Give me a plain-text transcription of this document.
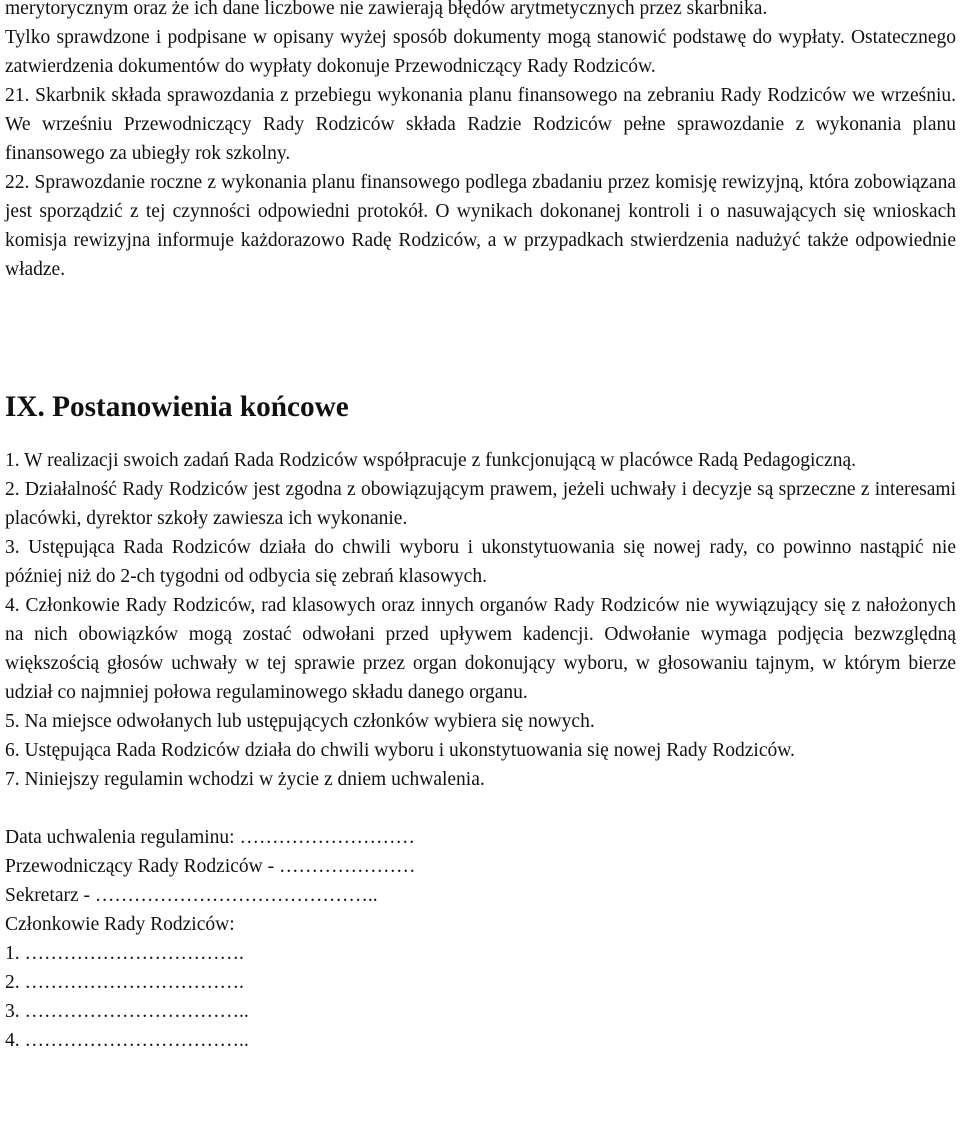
merytorycznym oraz że ich dane liczbowe nie zawierają błędów arytmetycznych przez skarbnika.

Tylko sprawdzone i podpisane w opisany wyżej sposób dokumenty mogą stanowić podstawę do wypłaty. Ostatecznego zatwierdzenia dokumentów do wypłaty dokonuje Przewodniczący Rady Rodziców.

21. Skarbnik składa sprawozdania z przebiegu wykonania planu finansowego na zebraniu Rady Rodziców we wrześniu. We wrześniu Przewodniczący Rady Rodziców składa Radzie Rodziców pełne sprawozdanie z wykonania planu finansowego za ubiegły rok szkolny.

22. Sprawozdanie roczne z wykonania planu finansowego podlega zbadaniu przez komisję rewizyjną, która zobowiązana jest sporządzić z tej czynności odpowiedni protokół. O wynikach dokonanej kontroli i o nasuwających się wnioskach komisja rewizyjna informuje każdorazowo Radę Rodziców, a w przypadkach stwierdzenia nadużyć także odpowiednie władze.

IX. Postanowienia końcowe

1. W realizacji swoich zadań Rada Rodziców współpracuje z funkcjonującą w placówce Radą Pedagogiczną.

2. Działalność Rady Rodziców jest zgodna z obowiązującym prawem, jeżeli uchwały i decyzje są sprzeczne z interesami placówki, dyrektor szkoły zawiesza ich wykonanie.

3. Ustępująca Rada Rodziców działa do chwili wyboru i ukonstytuowania się nowej rady, co powinno nastąpić nie później niż do 2-ch tygodni od odbycia się zebrań klasowych.

4. Członkowie Rady Rodziców, rad klasowych oraz innych organów Rady Rodziców nie wywiązujący się z nałożonych na nich obowiązków mogą zostać odwołani przed upływem kadencji. Odwołanie wymaga podjęcia bezwzględną większością głosów uchwały w tej sprawie przez organ dokonujący wyboru, w głosowaniu tajnym, w którym bierze udział co najmniej połowa regulaminowego składu danego organu.

5. Na miejsce odwołanych lub ustępujących członków wybiera się nowych.

6. Ustępująca Rada Rodziców działa do chwili wyboru i ukonstytuowania się nowej Rady Rodziców.

7. Niniejszy regulamin wchodzi w życie z dniem uchwalenia.

Data uchwalenia regulaminu: ………………………

Przewodniczący Rady Rodziców - …………………

Sekretarz - ……………………………………..

Członkowie Rady Rodziców:

1. …………………………….

2. …………………………….

3. ……………………………..

4. ……………………………..
